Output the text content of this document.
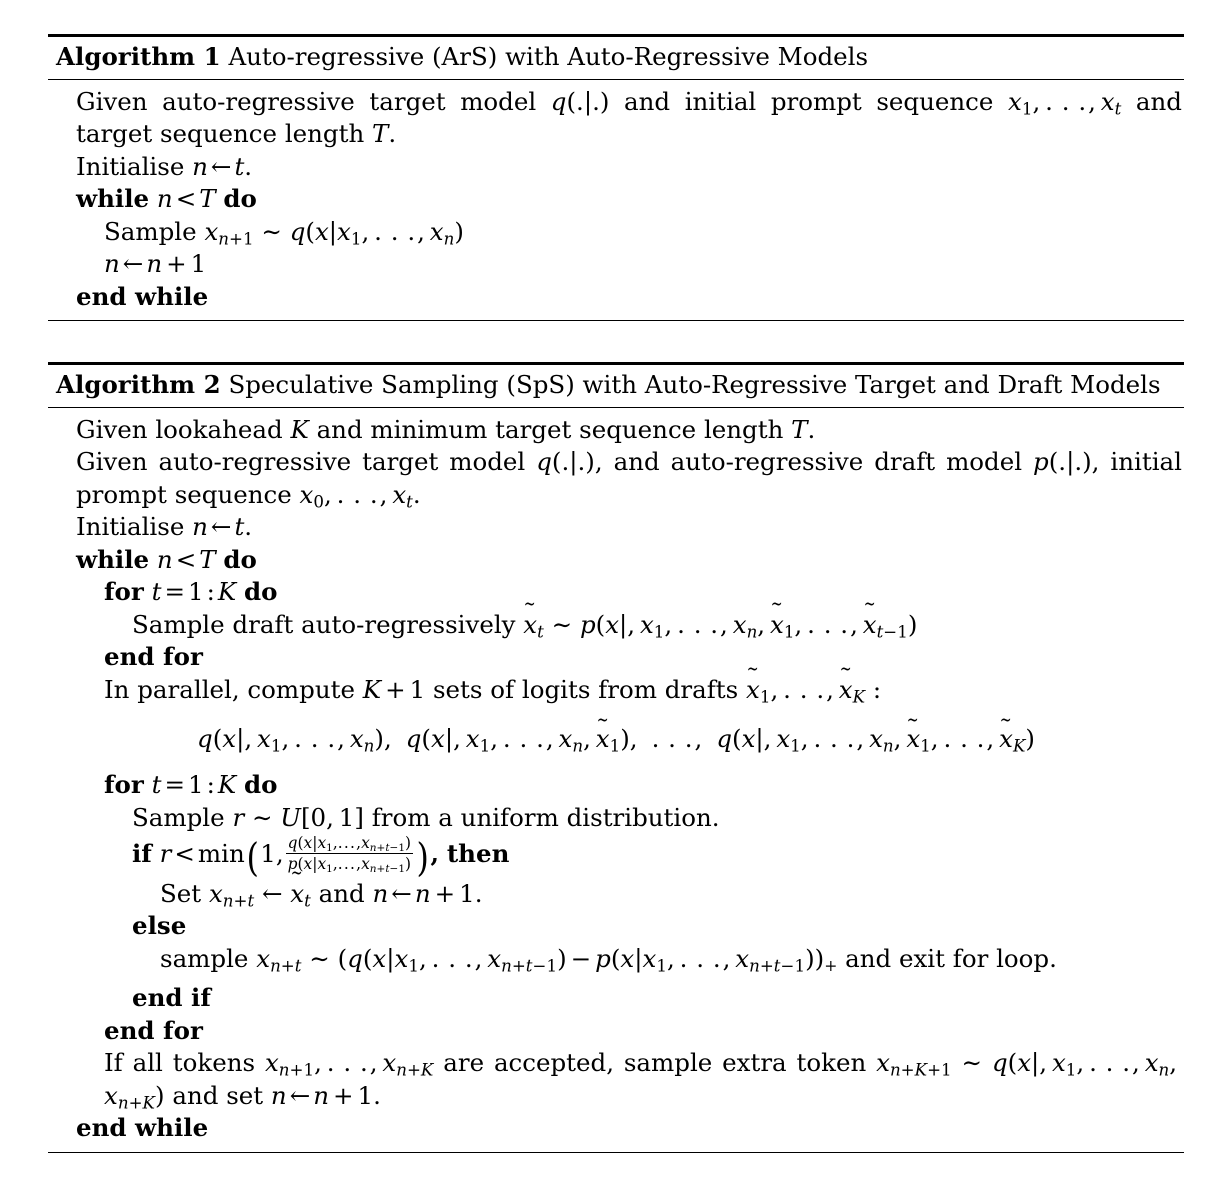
Algorithm 1 Auto-regressive (ArS) with Auto-Regressive Models
Given auto-regressive target model q(.|.) and initial prompt sequence $x_1$, . . ., $x_t$ and target sequence length T.
Initialise n ← t.
while n < T do
Sample $x_{n+1}$ ∼ $q(x|x_1$, . . ., $x_n$)
n ← n + 1
end while
Algorithm 2 Speculative Sampling (SpS) with Auto-Regressive Target and Draft Models
Given lookahead K and minimum target sequence length T.
Given auto-regressive target model q(.|.), and auto-regressive draft model p(.|.), initial prompt sequence $x_0$, . . ., $x_t$.
Initialise n ← t.
while n < T do
for t = 1 : K do
Sample draft auto-regressively ~ $x_t$ ∼ p(x|, $x_1$, . . ., $x_n$, ~ $x_1$, . . ., ~ $x_{t-1}$)
end for
In parallel, compute K + 1 sets of logits from drafts ~ $x_1$, . . ., ~ $x_K$ :
q(x|, $x_1$, . . ., $x_n$), q(x|, $x_1$, . . ., $x_n$, ~ $x_1$), . . ., q(x|, $x_1$, . . ., $x_n$, ~ $x_1$, . . ., ~ $x_K$)
for t = 1 : K do
Sample r ∼ U[0, 1] from a uniform distribution.
if r < min(1, $\frac{q(x|x_1,...,x_{n+t-1})}{p(x|x_1,...,x_{n+t-1})}$ ), then
Set $x_{n+t}$ ← ~ $x_t$ and n ← n + 1.
else
sample $x_{n+t}$ ∼ ($q(x|x_1$, . . ., $x_{n+t-1}) - p(x|x_1$, . . ., $x_{n+t-1}))+$ and exit for loop.
end if
end for
If all tokens $x_{n+1}$, . . ., $x_{n+K}$ are accepted, sample extra token $x_{n+K+1}$ ∼ q(x|, $x_1$, . . ., $x_n$, $x_{n+K}$) and set n ← n + 1.
end while
